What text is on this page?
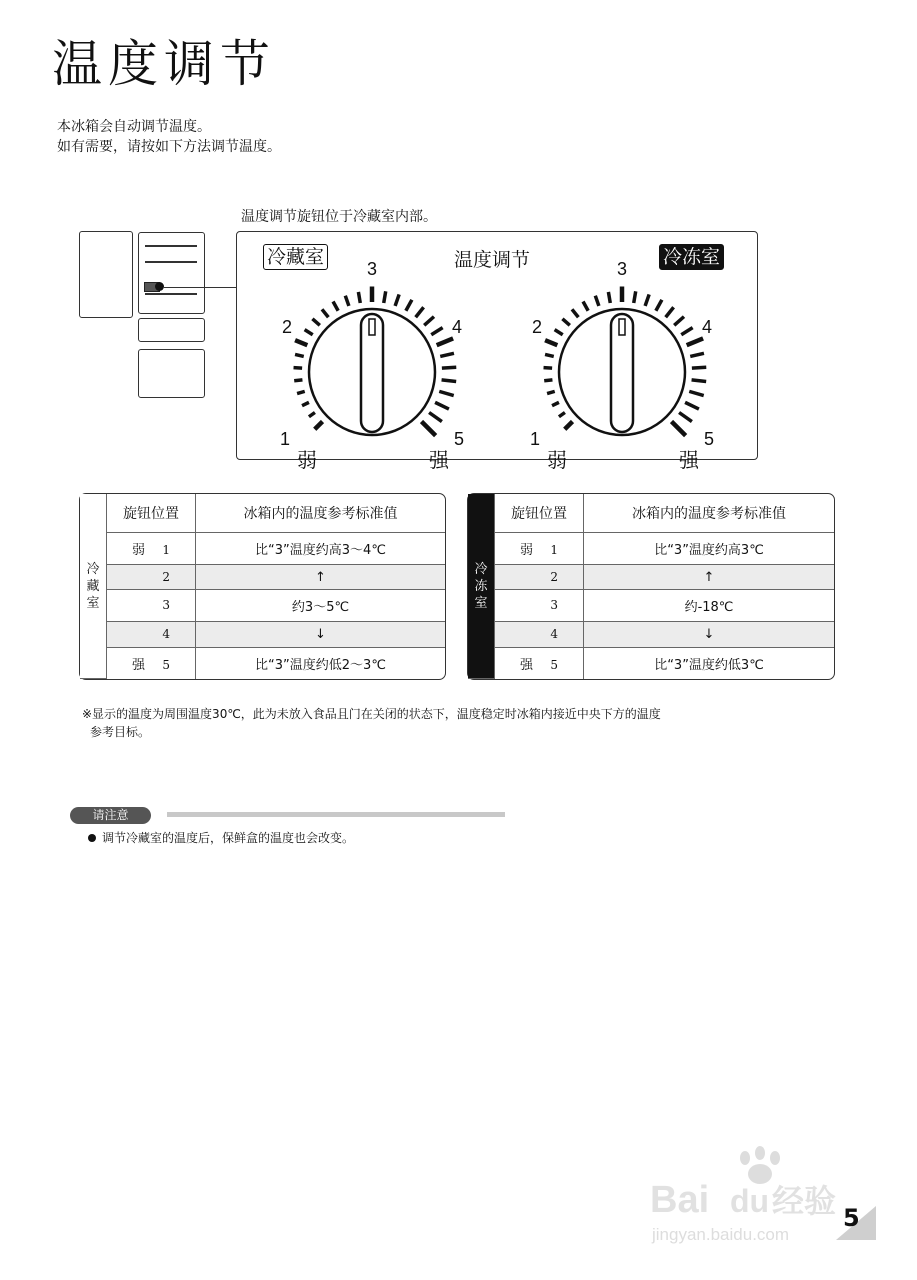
温度调节
本冰箱会自动调节温度。
如有需要，请按如下方法调节温度。
温度调节旋钮位于冷藏室内部。
冷藏室	温度调节	冷冻室
1
2
3
4
5
弱	强
1
2
3
4
5
弱	强
冷
藏
室	旋钮位置	冰箱内的温度参考标准值
	弱 1	比“3”温度约高3～4℃
	2	↑
	3	约3～5℃
	4	↓
	强 5	比“3”温度约低2～3℃
冷
冻
室	旋钮位置	冰箱内的温度参考标准值
	弱 1	比“3”温度约高3℃
	2	↑
	3	约-18℃
	4	↓
	强 5	比“3”温度约低3℃
※显示的温度为周围温度30℃，此为未放入食品且门在关闭的状态下，温度稳定时冰箱内接近中央下方的温度
参考目标。
请注意
调节冷藏室的温度后，保鲜盒的温度也会改变。
Bai du 经验
jingyan.baidu.com
5
